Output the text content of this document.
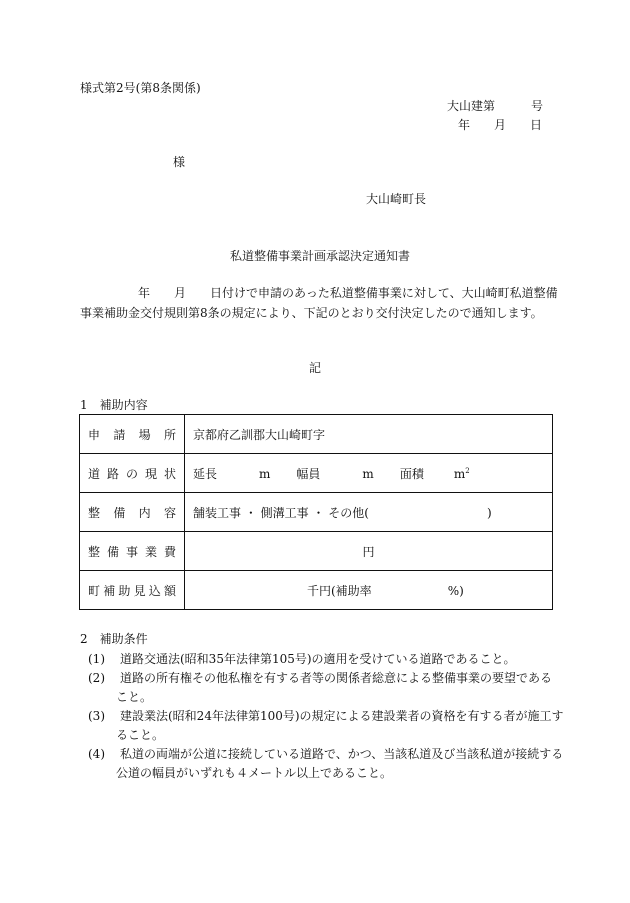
様式第2号(第8条関係)
大山建第　　　号
年　　月　　日
様
大山崎町長
私道整備事業計画承認決定通知書
年 月 日付けで申請のあった私道整備事業に対して、大山崎町私道整備
事業補助金交付規則第8条の規定により、下記のとおり交付決定したので通知します。
記
1　補助内容
申請場所	京都府乙訓郡大山崎町字
道路の現状	延長 m 幅員 m 面積 $m^2$
整備内容	舗装工事 ・ 側溝工事 ・ その他( )
整備事業費	円
町補助見込額	千円(補助率 %)
2　補助条件
(1)	道路交通法(昭和35年法律第105号)の適用を受けている道路であること。
(2)	道路の所有権その他私権を有する者等の関係者総意による整備事業の要望である
こと。
(3)	建設業法(昭和24年法律第100号)の規定による建設業者の資格を有する者が施工す
ること。
(4)	私道の両端が公道に接続している道路で、かつ、当該私道及び当該私道が接続する
公道の幅員がいずれも４メートル以上であること。
